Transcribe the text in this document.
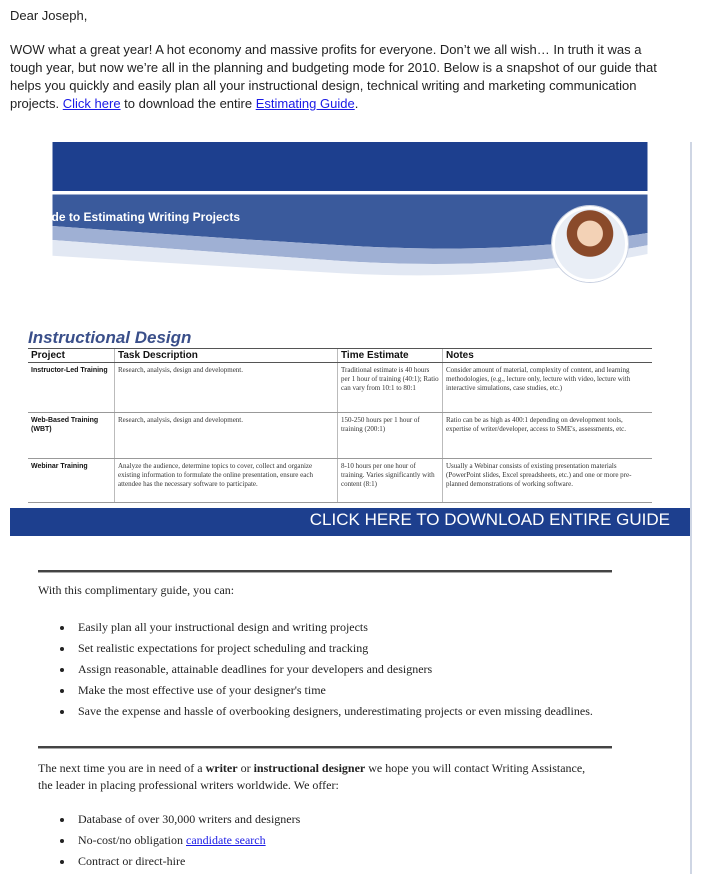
Dear Joseph,
WOW what a great year! A hot economy and massive profits for everyone. Don’t we all wish… In truth it was a tough year, but now we’re all in the planning and budgeting mode for 2010. Below is a snapshot of our guide that helps you quickly and easily plan all your instructional design, technical writing and marketing communication projects. Click here to download the entire Estimating Guide.
A Guide to Estimating Writing Projects
Instructional Design
Project	Task Description	Time Estimate	Notes
Instructor-Led Training	Research, analysis, design and development.	Traditional estimate is 40 hours per 1 hour of training (40:1); Ratio can vary from 10:1 to 80:1	Consider amount of material, complexity of content, and learning methodologies, (e.g., lecture only, lecture with video, lecture with interactive simulations, case studies, etc.)
Web-Based Training (WBT)	Research, analysis, design and development.	150-250 hours per 1 hour of training (200:1)	Ratio can be as high as 400:1 depending on development tools, expertise of writer/developer, access to SME's, assessments, etc.
Webinar Training	Analyze the audience, determine topics to cover, collect and organize existing information to formulate the online presentation, ensure each attendee has the necessary software to participate.	8-10 hours per one hour of training. Varies significantly with content (8:1)	Usually a Webinar consists of existing presentation materials (PowerPoint slides, Excel spreadsheets, etc.) and one or more pre-planned demonstrations of working software.
CLICK HERE TO DOWNLOAD ENTIRE GUIDE
With this complimentary guide, you can:
• Easily plan all your instructional design and writing projects
• Set realistic expectations for project scheduling and tracking
• Assign reasonable, attainable deadlines for your developers and designers
• Make the most effective use of your designer's time
• Save the expense and hassle of overbooking designers, underestimating projects or even missing deadlines.
The next time you are in need of a writer or instructional designer we hope you will contact Writing Assistance, the leader in placing professional writers worldwide. We offer:
• Database of over 30,000 writers and designers
• No-cost/no obligation candidate search
• Contract or direct-hire
